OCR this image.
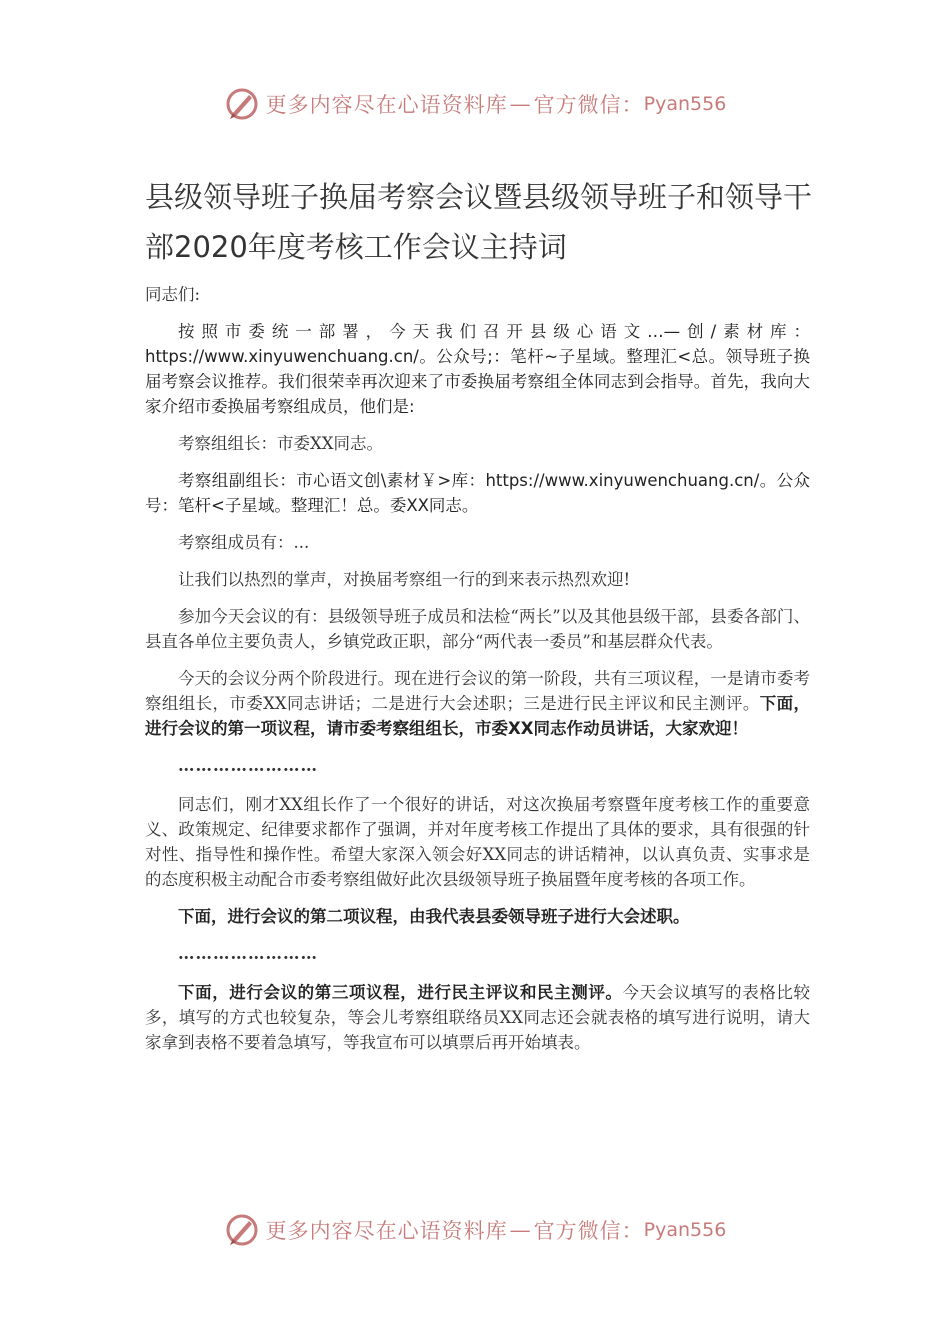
更多内容尽在心语资料库 — 官方微信： Pyan556
县级领导班子换届考察会议暨县级领导班子和领导干部2020年度考核工作会议主持词

同志们:

按照市委统一部署，今天我们召开县级心语文…—创/素材库：https://www.xinyuwenchuang.cn/。公众号;：笔杆~子星域。整理汇<总。领导班子换届考察会议推荐。我们很荣幸再次迎来了市委换届考察组全体同志到会指导。首先，我向大家介绍市委换届考察组成员，他们是:

考察组组长：市委XX同志。

考察组副组长：市心语文创\素材￥>库：https://www.xinyuwenchuang.cn/。公众号：笔杆<子星域。整理汇！总。委XX同志。

考察组成员有：...

让我们以热烈的掌声，对换届考察组一行的到来表示热烈欢迎!

参加今天会议的有：县级领导班子成员和法检“两长”以及其他县级干部，县委各部门、县直各单位主要负责人，乡镇党政正职，部分“两代表一委员”和基层群众代表。

今天的会议分两个阶段进行。现在进行会议的第一阶段，共有三项议程，一是请市委考察组组长，市委XX同志讲话；二是进行大会述职；三是进行民主评议和民主测评。下面，进行会议的第一项议程，请市委考察组组长，市委XX同志作动员讲话，大家欢迎！

……………………

同志们，刚才XX组长作了一个很好的讲话，对这次换届考察暨年度考核工作的重要意义、政策规定、纪律要求都作了强调，并对年度考核工作提出了具体的要求，具有很强的针对性、指导性和操作性。希望大家深入领会好XX同志的讲话精神，以认真负责、实事求是的态度积极主动配合市委考察组做好此次县级领导班子换届暨年度考核的各项工作。

下面，进行会议的第二项议程，由我代表县委领导班子进行大会述职。

……………………

下面，进行会议的第三项议程，进行民主评议和民主测评。今天会议填写的表格比较多，填写的方式也较复杂，等会儿考察组联络员XX同志还会就表格的填写进行说明，请大家拿到表格不要着急填写，等我宣布可以填票后再开始填表。

更多内容尽在心语资料库 — 官方微信： Pyan556
